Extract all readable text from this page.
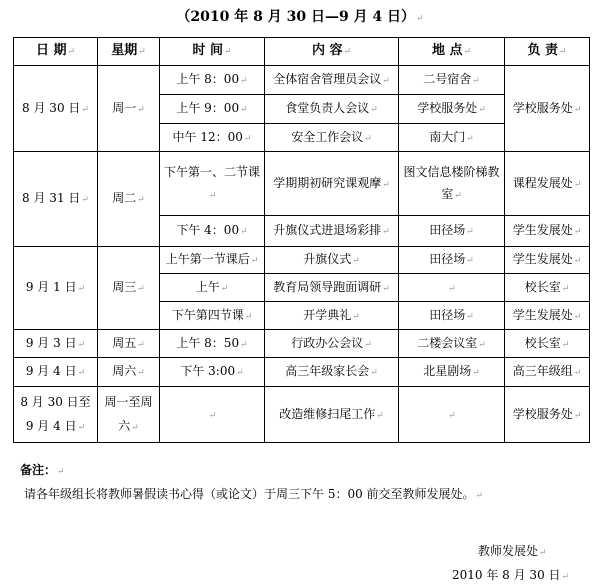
（2010 年 8 月 30 日—9 月 4 日）↵
日 期↵	星期↵	时 间↵	内 容↵	地 点↵	负 责↵
8 月 30 日↵	周一↵	上午 8：00↵	全体宿舍管理员会议↵	二号宿舍↵	学校服务处↵
		上午 9：00↵	食堂负责人会议↵	学校服务处↵	
		中午 12：00↵	安全工作会议↵	南大门↵	
8 月 31 日↵	周二↵	下午第一、二节课↵	学期期初研究课观摩↵	图文信息楼阶梯教室↵	课程发展处↵
		下午 4：00↵	升旗仪式进退场彩排↵	田径场↵	学生发展处↵
9 月 1 日↵	周三↵	上午第一节课后↵	升旗仪式↵	田径场↵	学生发展处↵
		上午↵	教育局领导跑面调研↵	↵	校长室↵
		下午第四节课↵	开学典礼↵	田径场↵	学生发展处↵
9 月 3 日↵	周五↵	上午 8：50↵	行政办公会议↵	二楼会议室↵	校长室↵
9 月 4 日↵	周六↵	下午 3:00↵	高三年级家长会↵	北星剧场↵	高三年级组↵
8 月 30 日至 9 月 4 日↵	周一至周六↵	↵	改造维修扫尾工作↵	↵	学校服务处↵
备注：↵
请各年级组长将教师暑假读书心得（或论文）于周三下午 5：00 前交至教师发展处。↵
教师发展处↵
2010 年 8 月 30 日↵
